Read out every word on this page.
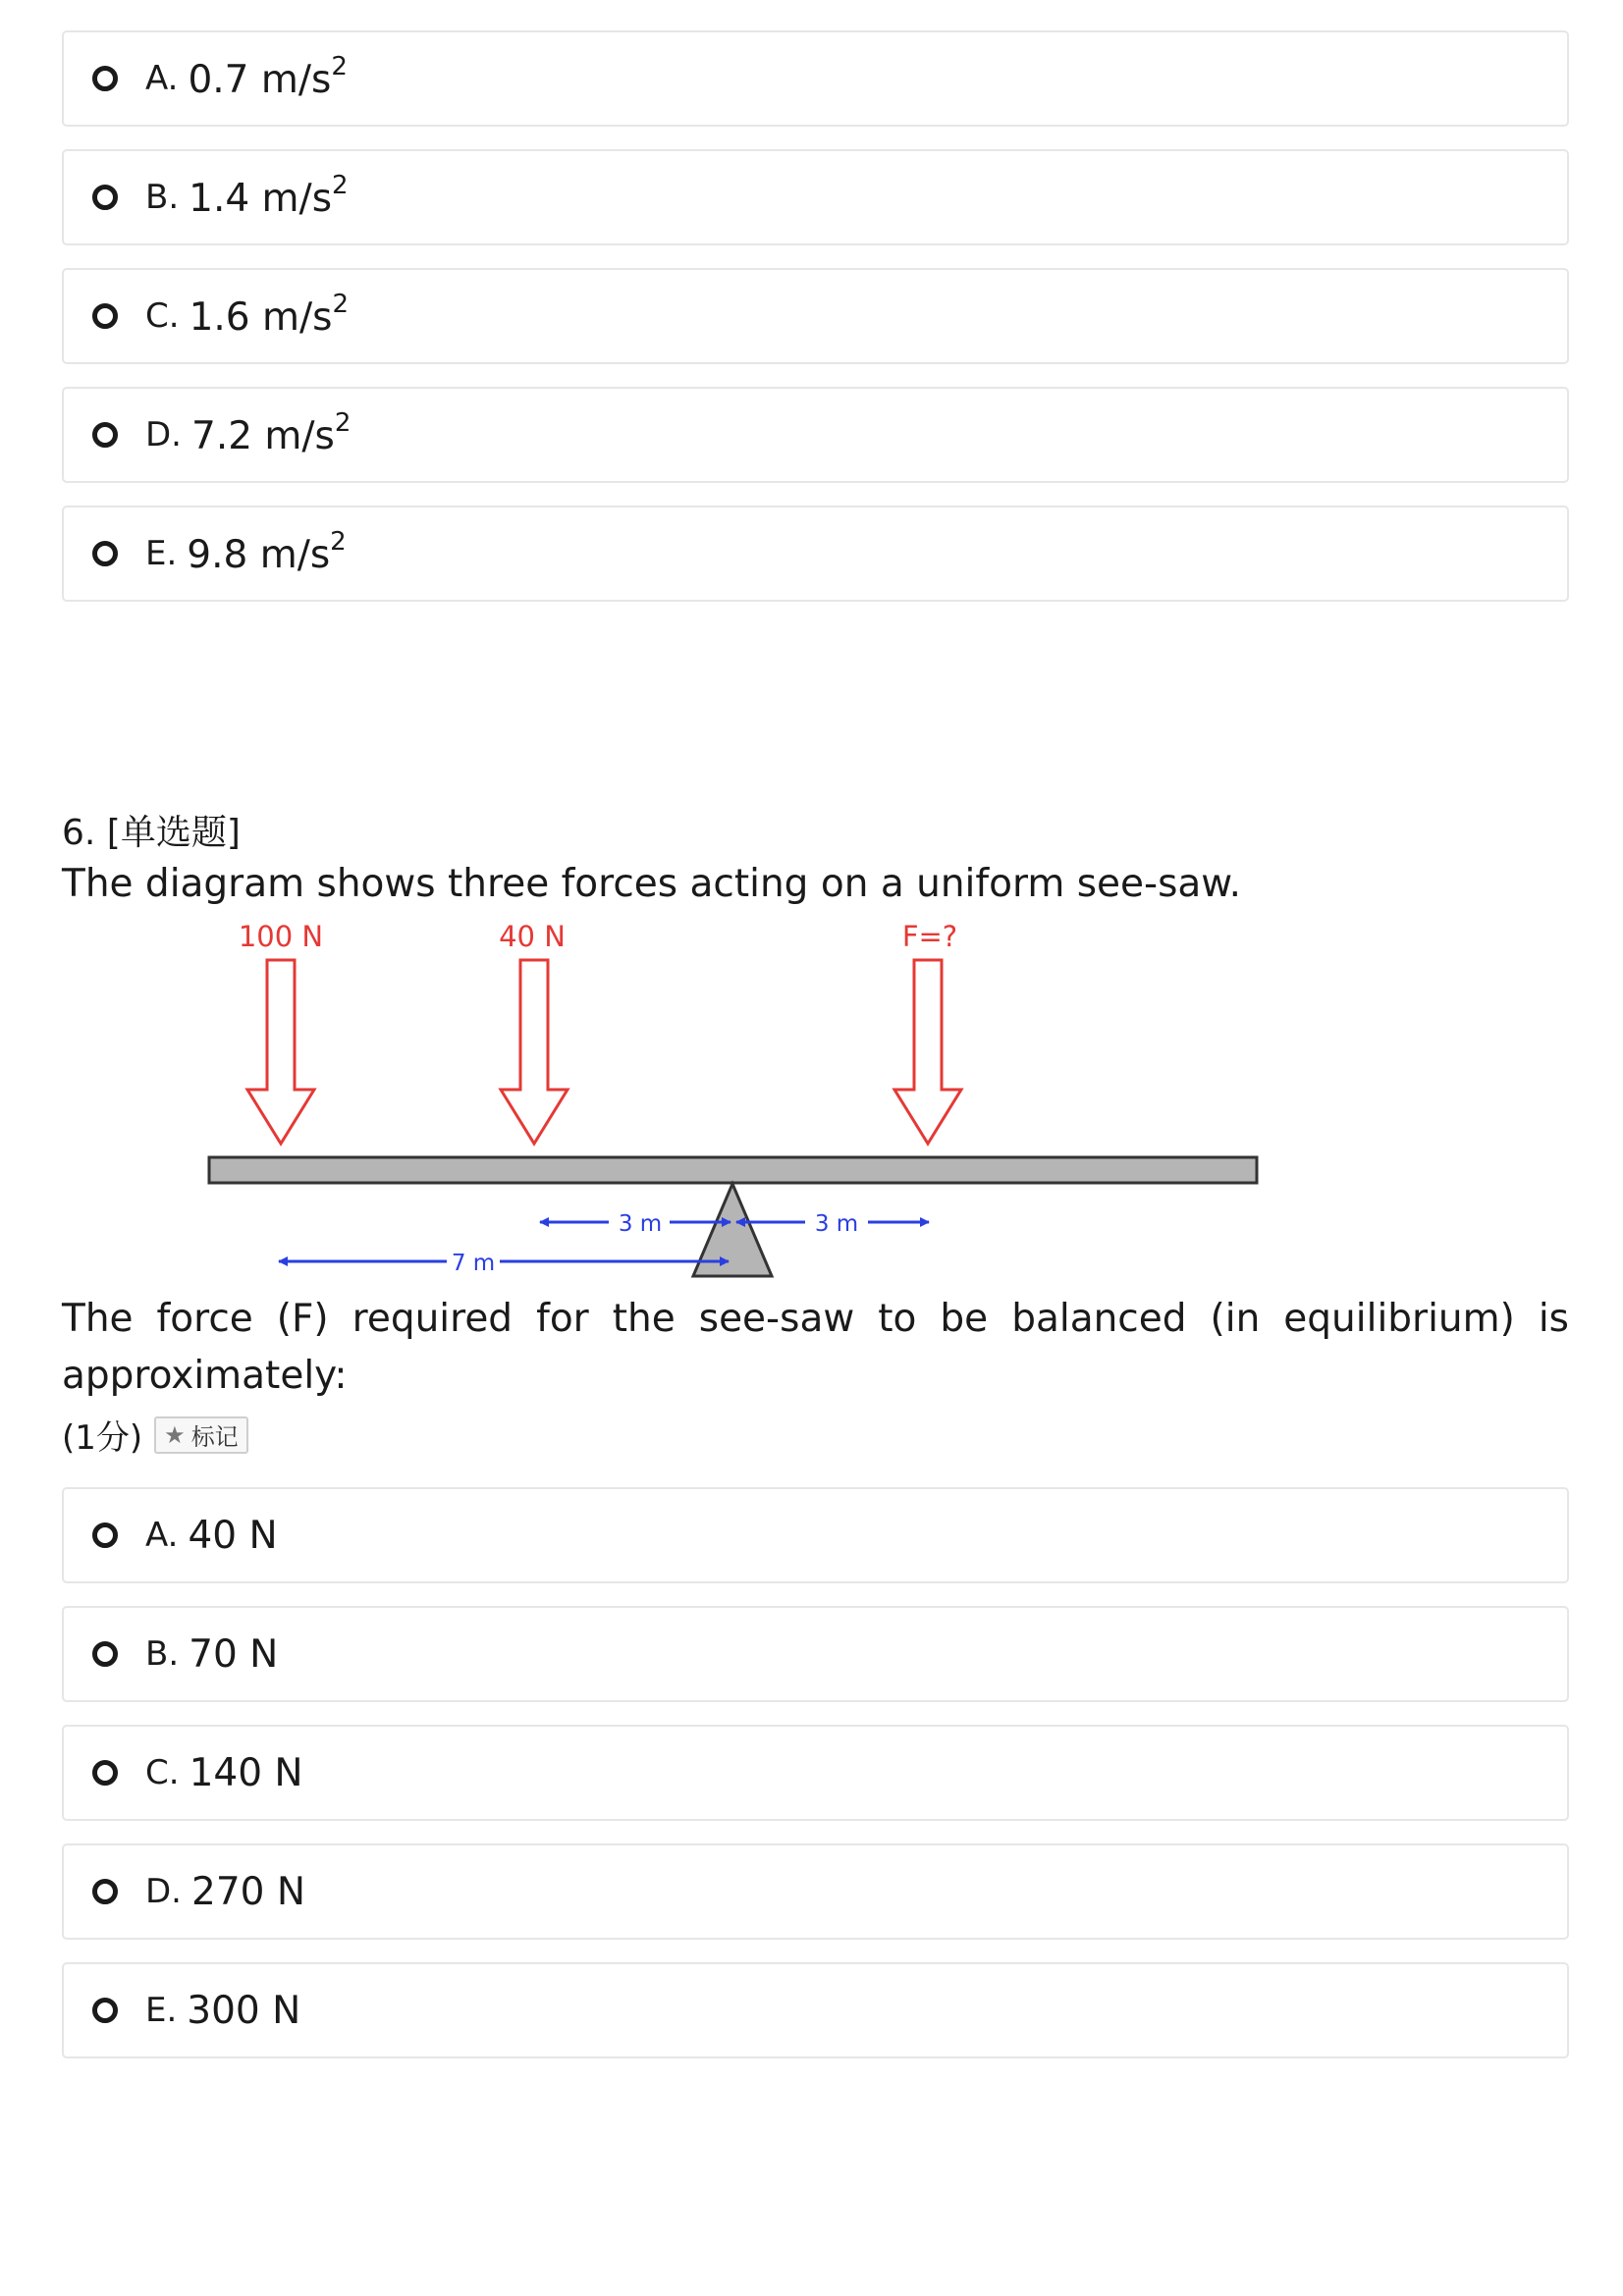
A. 0.7 $m/s^2$
B. 1.4 $m/s^2$
C. 1.6 $m/s^2$
D. 7.2 $m/s^2$
E. 9.8 $m/s^2$
6. [单选题]
The diagram shows three forces acting on a uniform see-saw.
100 N	40 N	F=?
3 m	3 m
7 m
The force (F) required for the see-saw to be balanced (in equilibrium) is approximately:
(1分) ★ 标记
A. 40 N
B. 70 N
C. 140 N
D. 270 N
E. 300 N
